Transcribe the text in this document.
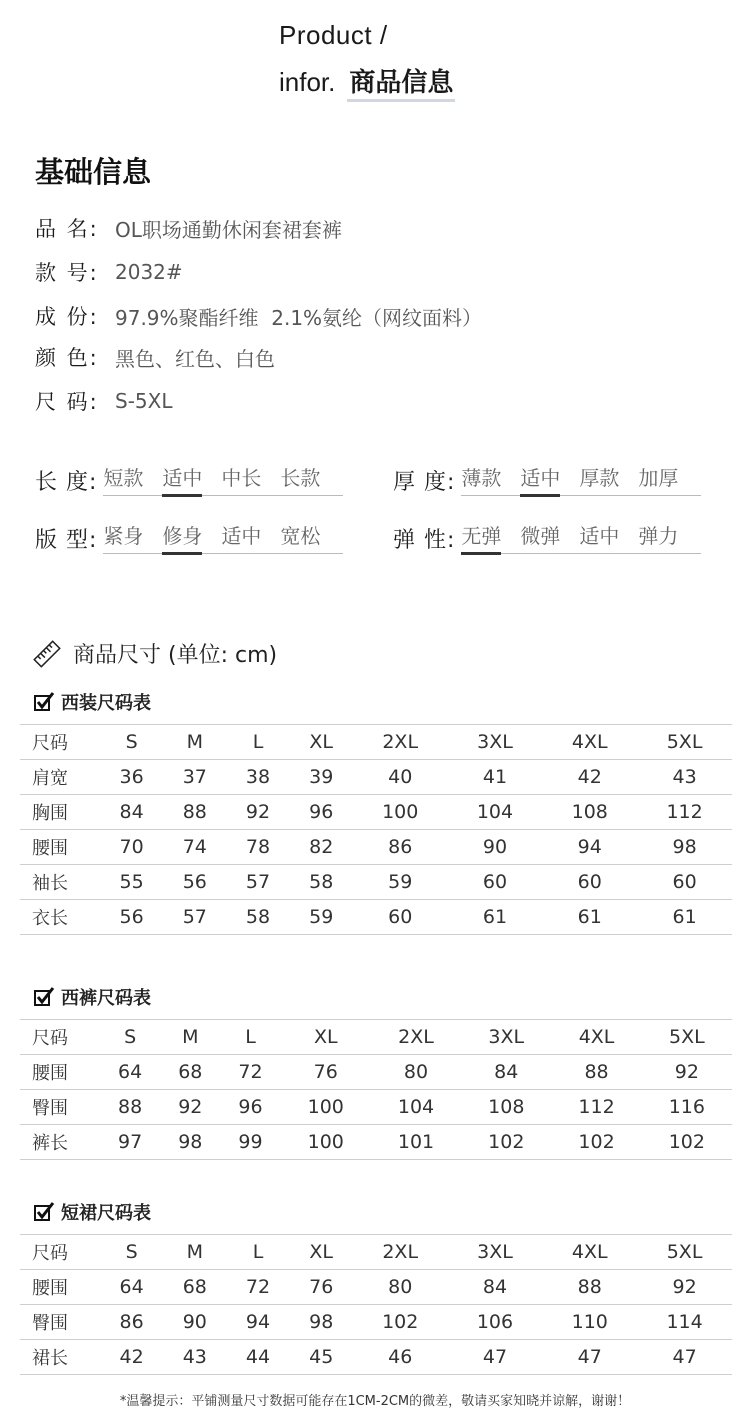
Product /
infor. 商品信息
基础信息
品 名: OL职场通勤休闲套裙套裤
款 号: 2032#
成 份: 97.9%聚酯纤维  2.1%氨纶（网纹面料）
颜 色: 黑色、红色、白色
尺 码: S-5XL
长 度: 短款 适中 中长 长款	厚 度: 薄款 适中 厚款 加厚
版 型: 紧身 修身 适中 宽松	弹 性: 无弹 微弹 适中 弹力
商品尺寸 (单位: cm)
西装尺码表
尺码	S	M	L	XL	2XL	3XL	4XL	5XL
肩宽	36	37	38	39	40	41	42	43
胸围	84	88	92	96	100	104	108	112
腰围	70	74	78	82	86	90	94	98
袖长	55	56	57	58	59	60	60	60
衣长	56	57	58	59	60	61	61	61
西裤尺码表
尺码	S	M	L	XL	2XL	3XL	4XL	5XL
腰围	64	68	72	76	80	84	88	92
臀围	88	92	96	100	104	108	112	116
裤长	97	98	99	100	101	102	102	102
短裙尺码表
尺码	S	M	L	XL	2XL	3XL	4XL	5XL
腰围	64	68	72	76	80	84	88	92
臀围	86	90	94	98	102	106	110	114
裙长	42	43	44	45	46	47	47	47
*温馨提示：平铺测量尺寸数据可能存在1CM-2CM的微差，敬请买家知晓并谅解，谢谢！
